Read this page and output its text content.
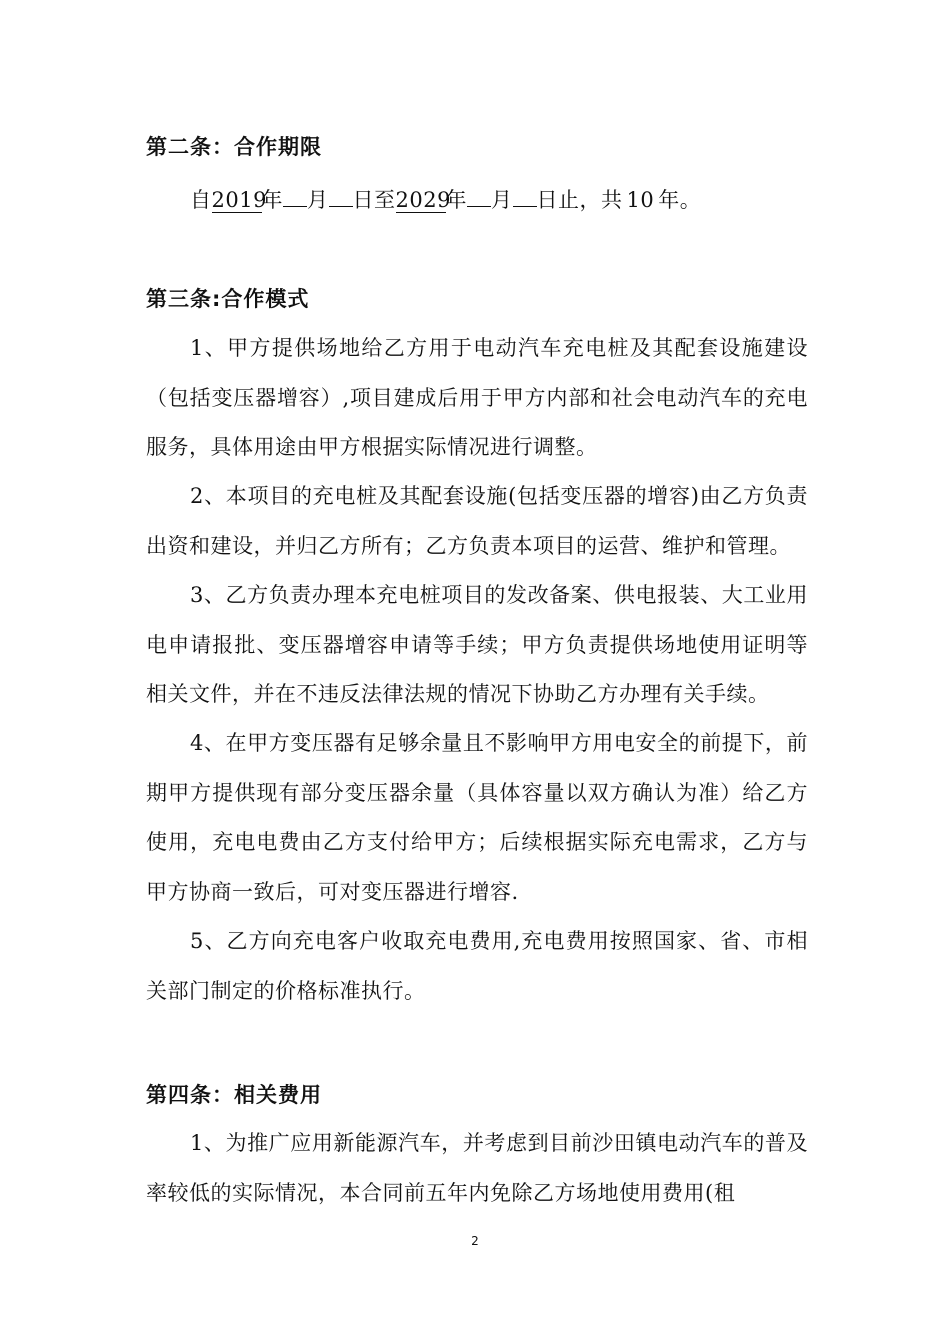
第二条：合作期限
自2019年 月 日至2029年 月 日止，共 10 年。
第三条:合作模式

1、甲方提供场地给乙方用于电动汽车充电桩及其配套设施建设（包括变压器增容）,项目建成后用于甲方内部和社会电动汽车的充电服务，具体用途由甲方根据实际情况进行调整。

2、本项目的充电桩及其配套设施(包括变压器的增容)由乙方负责出资和建设，并归乙方所有；乙方负责本项目的运营、维护和管理。

3、乙方负责办理本充电桩项目的发改备案、供电报装、大工业用电申请报批、变压器增容申请等手续；甲方负责提供场地使用证明等相关文件，并在不违反法律法规的情况下协助乙方办理有关手续。

4、在甲方变压器有足够余量且不影响甲方用电安全的前提下，前期甲方提供现有部分变压器余量（具体容量以双方确认为准）给乙方使用，充电电费由乙方支付给甲方；后续根据实际充电需求，乙方与甲方协商一致后，可对变压器进行增容.

5、乙方向充电客户收取充电费用,充电费用按照国家、省、市相关部门制定的价格标准执行。

第四条：相关费用

1、为推广应用新能源汽车，并考虑到目前沙田镇电动汽车的普及率较低的实际情况，本合同前五年内免除乙方场地使用费用(租

2
